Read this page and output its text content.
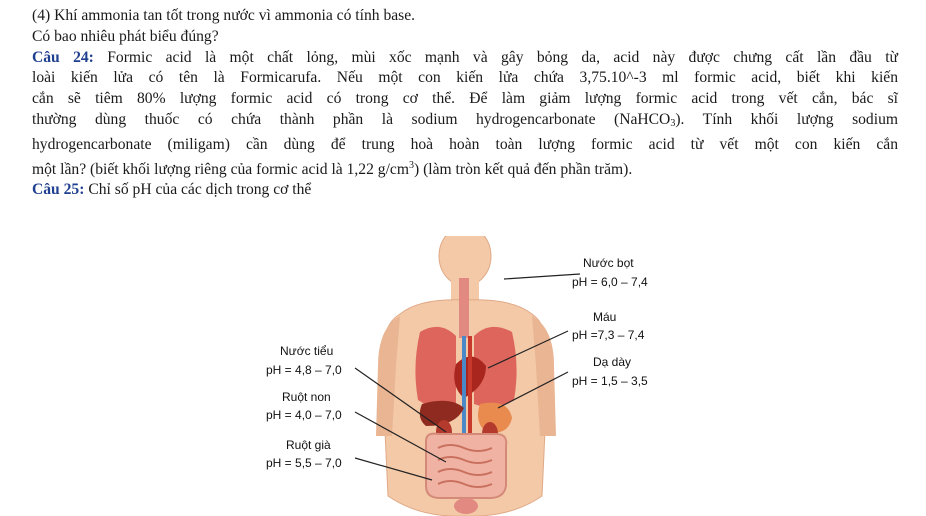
(4) Khí ammonia tan tốt trong nước vì ammonia có tính base.
Có bao nhiêu phát biểu đúng?
Câu 24: Formic acid là một chất lỏng, mùi xốc mạnh và gây bỏng da, acid này được chưng cất lần đầu từ
loài kiến lửa có tên là Formicarufa. Nếu một con kiến lửa chứa 3,75.10^-3 ml formic acid, biết khi kiến
cắn sẽ tiêm 80% lượng formic acid có trong cơ thể. Để làm giảm lượng formic acid trong vết cắn, bác sĩ
thường dùng thuốc có chứa thành phần là sodium hydrogencarbonate (NaHCO$_3$). Tính khối lượng sodium
hydrogencarbonate (miligam) cần dùng để trung hoà hoàn toàn lượng formic acid từ vết một con kiến cắn
một lần? (biết khối lượng riêng của formic acid là 1,22 $g/cm^3$) (làm tròn kết quả đến phần trăm).
Câu 25: Chỉ số pH của các dịch trong cơ thể
Nước bọt
pH = 6,0 – 7,4
Máu
pH =7,3 – 7,4
Dạ dày
pH = 1,5 – 3,5
Nước tiểu
pH = 4,8 – 7,0
Ruột non
pH = 4,0 – 7,0
Ruột già
pH = 5,5 – 7,0
